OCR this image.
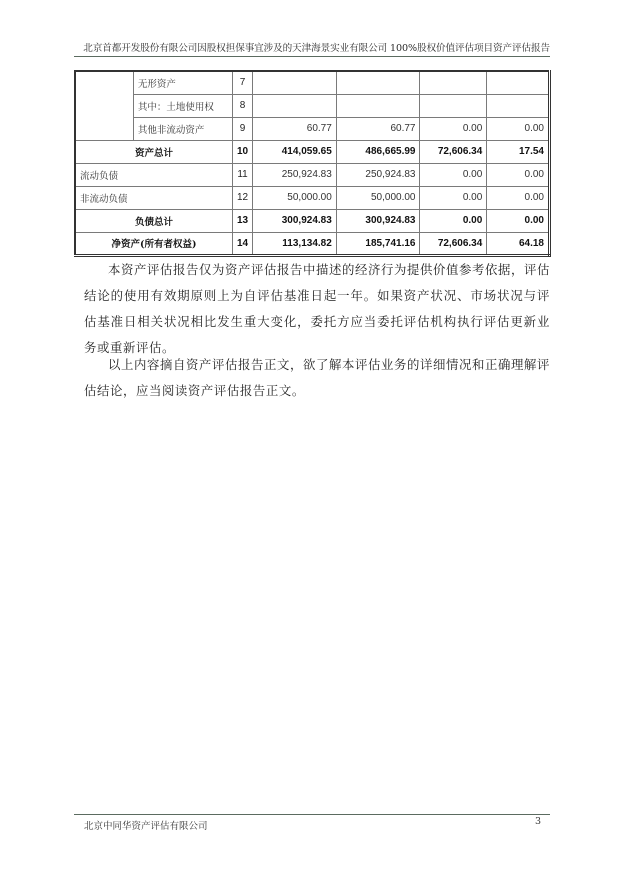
北京首都开发股份有限公司因股权担保事宜涉及的天津海景实业有限公司 100%股权价值评估项目资产评估报告
	无形资产	7				
	其中：土地使用权	8				
	其他非流动资产	9	60.77	60.77	0.00	0.00
资产总计		10	414,059.65	486,665.99	72,606.34	17.54
流动负债		11	250,924.83	250,924.83	0.00	0.00
非流动负债		12	50,000.00	50,000.00	0.00	0.00
负债总计		13	300,924.83	300,924.83	0.00	0.00
净资产(所有者权益)		14	113,134.82	185,741.16	72,606.34	64.18

本资产评估报告仅为资产评估报告中描述的经济行为提供价值参考依据，评估结论的使用有效期原则上为自评估基准日起一年。如果资产状况、市场状况与评估基准日相关状况相比发生重大变化，委托方应当委托评估机构执行评估更新业务或重新评估。

以上内容摘自资产评估报告正文，欲了解本评估业务的详细情况和正确理解评估结论，应当阅读资产评估报告正文。

北京中同华资产评估有限公司	3
